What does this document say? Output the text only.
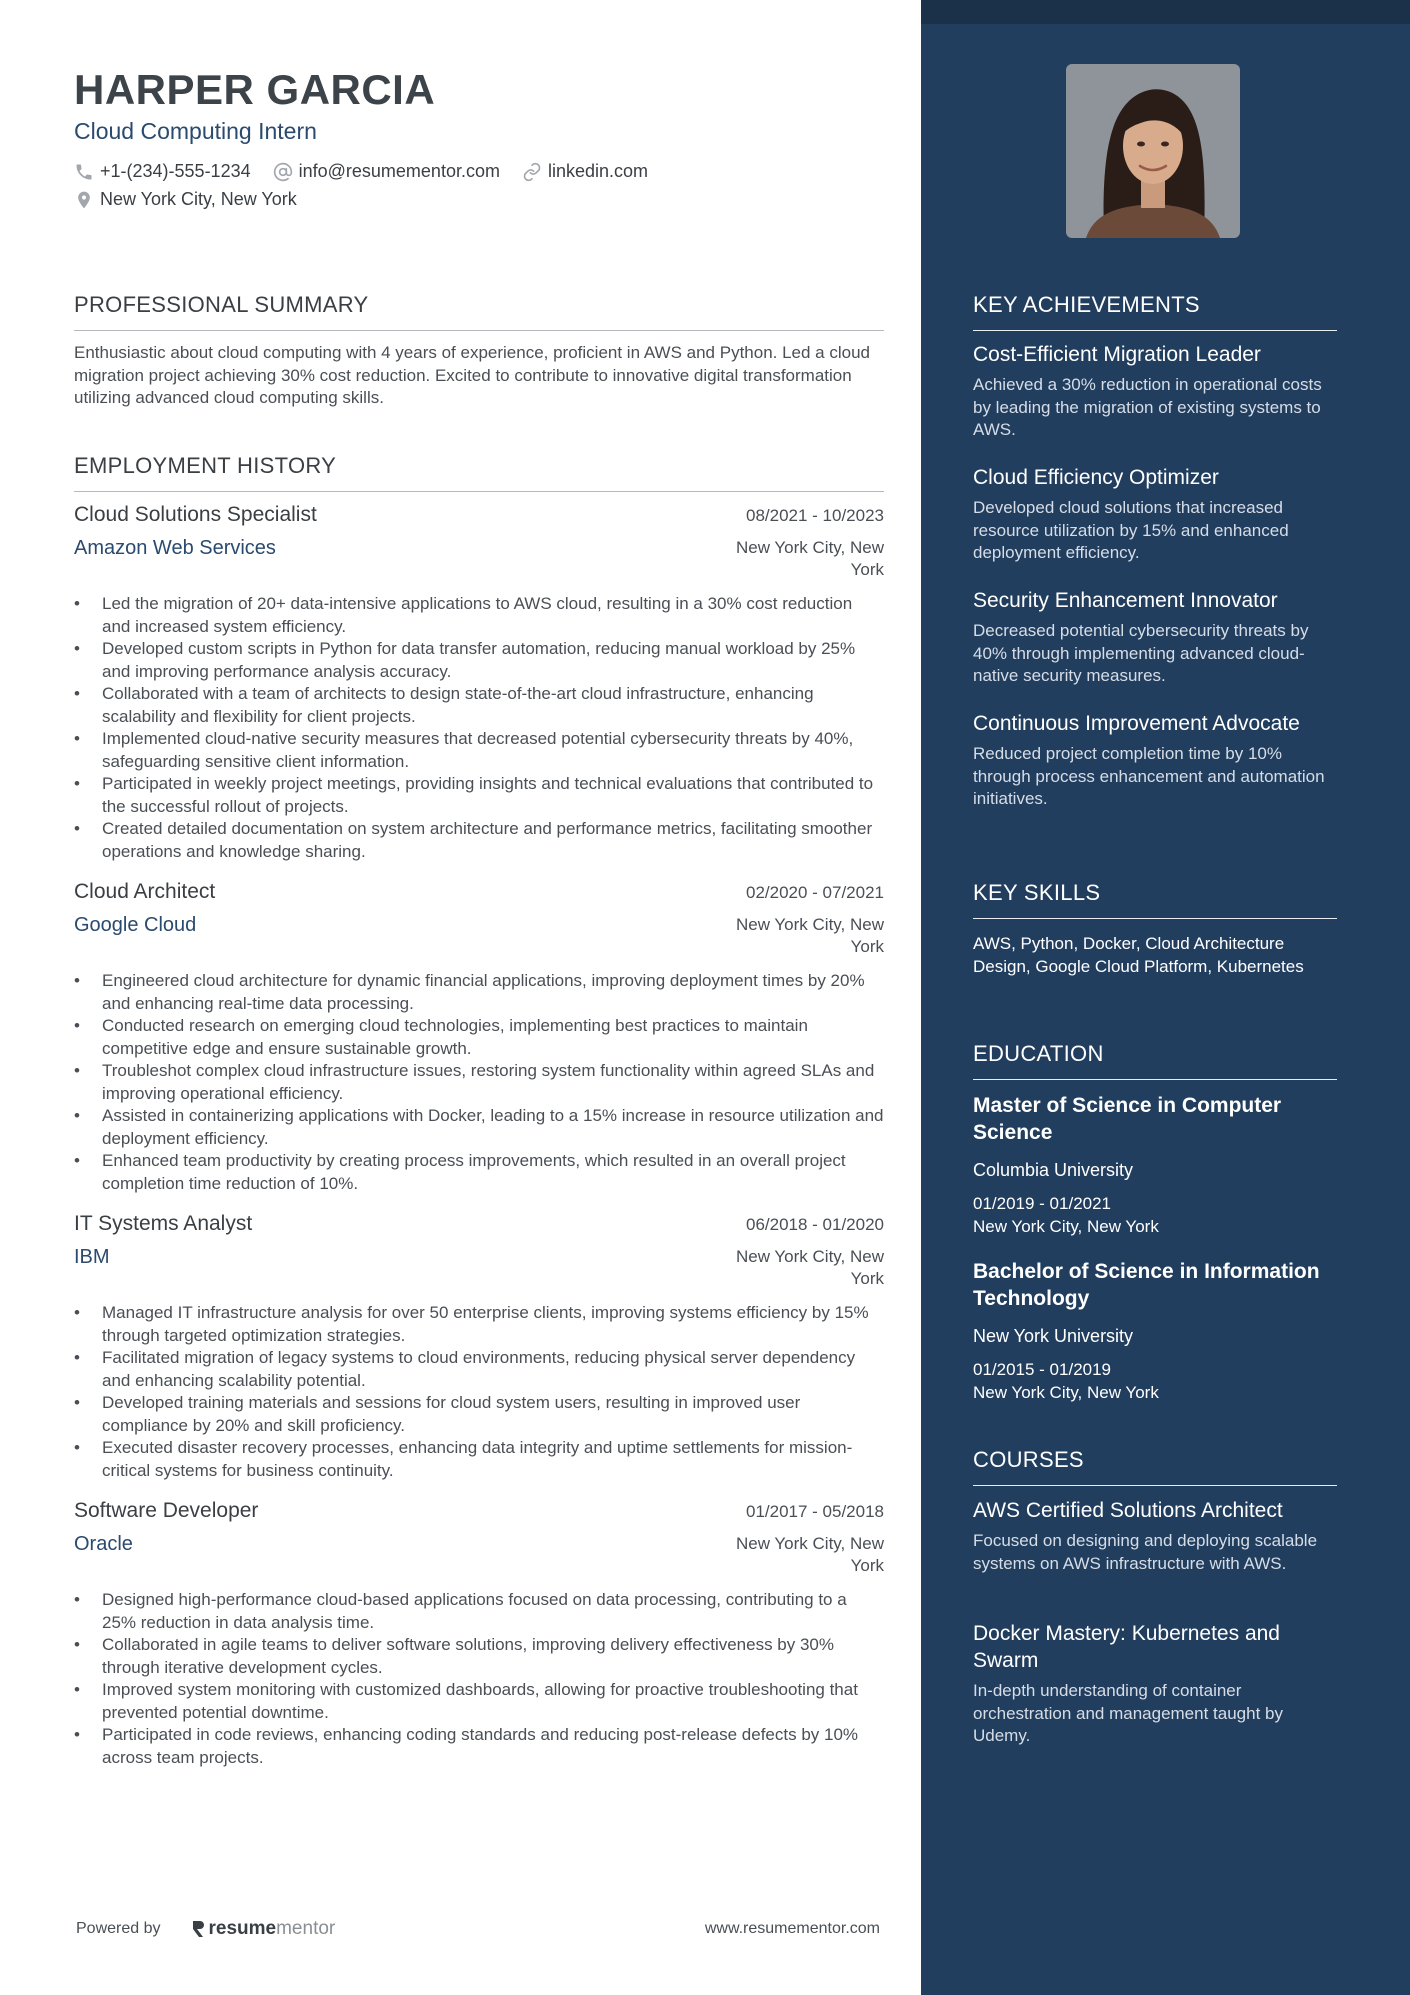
HARPER GARCIA
Cloud Computing Intern
+1-(234)-555-1234	info@resumementor.com	linkedin.com
New York City, New York
PROFESSIONAL SUMMARY
Enthusiastic about cloud computing with 4 years of experience, proficient in AWS and Python. Led a cloud migration project achieving 30% cost reduction. Excited to contribute to innovative digital transformation utilizing advanced cloud computing skills.
EMPLOYMENT HISTORY
Cloud Solutions Specialist	08/2021 - 10/2023
Amazon Web Services	New York City, New York
• Led the migration of 20+ data-intensive applications to AWS cloud, resulting in a 30% cost reduction and increased system efficiency.
• Developed custom scripts in Python for data transfer automation, reducing manual workload by 25% and improving performance analysis accuracy.
• Collaborated with a team of architects to design state-of-the-art cloud infrastructure, enhancing scalability and flexibility for client projects.
• Implemented cloud-native security measures that decreased potential cybersecurity threats by 40%, safeguarding sensitive client information.
• Participated in weekly project meetings, providing insights and technical evaluations that contributed to the successful rollout of projects.
• Created detailed documentation on system architecture and performance metrics, facilitating smoother operations and knowledge sharing.
Cloud Architect	02/2020 - 07/2021
Google Cloud	New York City, New York
• Engineered cloud architecture for dynamic financial applications, improving deployment times by 20% and enhancing real-time data processing.
• Conducted research on emerging cloud technologies, implementing best practices to maintain competitive edge and ensure sustainable growth.
• Troubleshot complex cloud infrastructure issues, restoring system functionality within agreed SLAs and improving operational efficiency.
• Assisted in containerizing applications with Docker, leading to a 15% increase in resource utilization and deployment efficiency.
• Enhanced team productivity by creating process improvements, which resulted in an overall project completion time reduction of 10%.
IT Systems Analyst	06/2018 - 01/2020
IBM	New York City, New York
• Managed IT infrastructure analysis for over 50 enterprise clients, improving systems efficiency by 15% through targeted optimization strategies.
• Facilitated migration of legacy systems to cloud environments, reducing physical server dependency and enhancing scalability potential.
• Developed training materials and sessions for cloud system users, resulting in improved user compliance by 20% and skill proficiency.
• Executed disaster recovery processes, enhancing data integrity and uptime settlements for mission-critical systems for business continuity.
Software Developer	01/2017 - 05/2018
Oracle	New York City, New York
• Designed high-performance cloud-based applications focused on data processing, contributing to a 25% reduction in data analysis time.
• Collaborated in agile teams to deliver software solutions, improving delivery effectiveness by 30% through iterative development cycles.
• Improved system monitoring with customized dashboards, allowing for proactive troubleshooting that prevented potential downtime.
• Participated in code reviews, enhancing coding standards and reducing post-release defects by 10% across team projects.
Powered by	resume mentor	www.resumementor.com
KEY ACHIEVEMENTS
Cost-Efficient Migration Leader
Achieved a 30% reduction in operational costs by leading the migration of existing systems to AWS.
Cloud Efficiency Optimizer
Developed cloud solutions that increased resource utilization by 15% and enhanced deployment efficiency.
Security Enhancement Innovator
Decreased potential cybersecurity threats by 40% through implementing advanced cloud-native security measures.
Continuous Improvement Advocate
Reduced project completion time by 10% through process enhancement and automation initiatives.
KEY SKILLS
AWS, Python, Docker, Cloud Architecture Design, Google Cloud Platform, Kubernetes
EDUCATION
Master of Science in Computer Science
Columbia University
01/2019 - 01/2021
New York City, New York
Bachelor of Science in Information Technology
New York University
01/2015 - 01/2019
New York City, New York
COURSES
AWS Certified Solutions Architect
Focused on designing and deploying scalable systems on AWS infrastructure with AWS.
Docker Mastery: Kubernetes and Swarm
In-depth understanding of container orchestration and management taught by Udemy.
